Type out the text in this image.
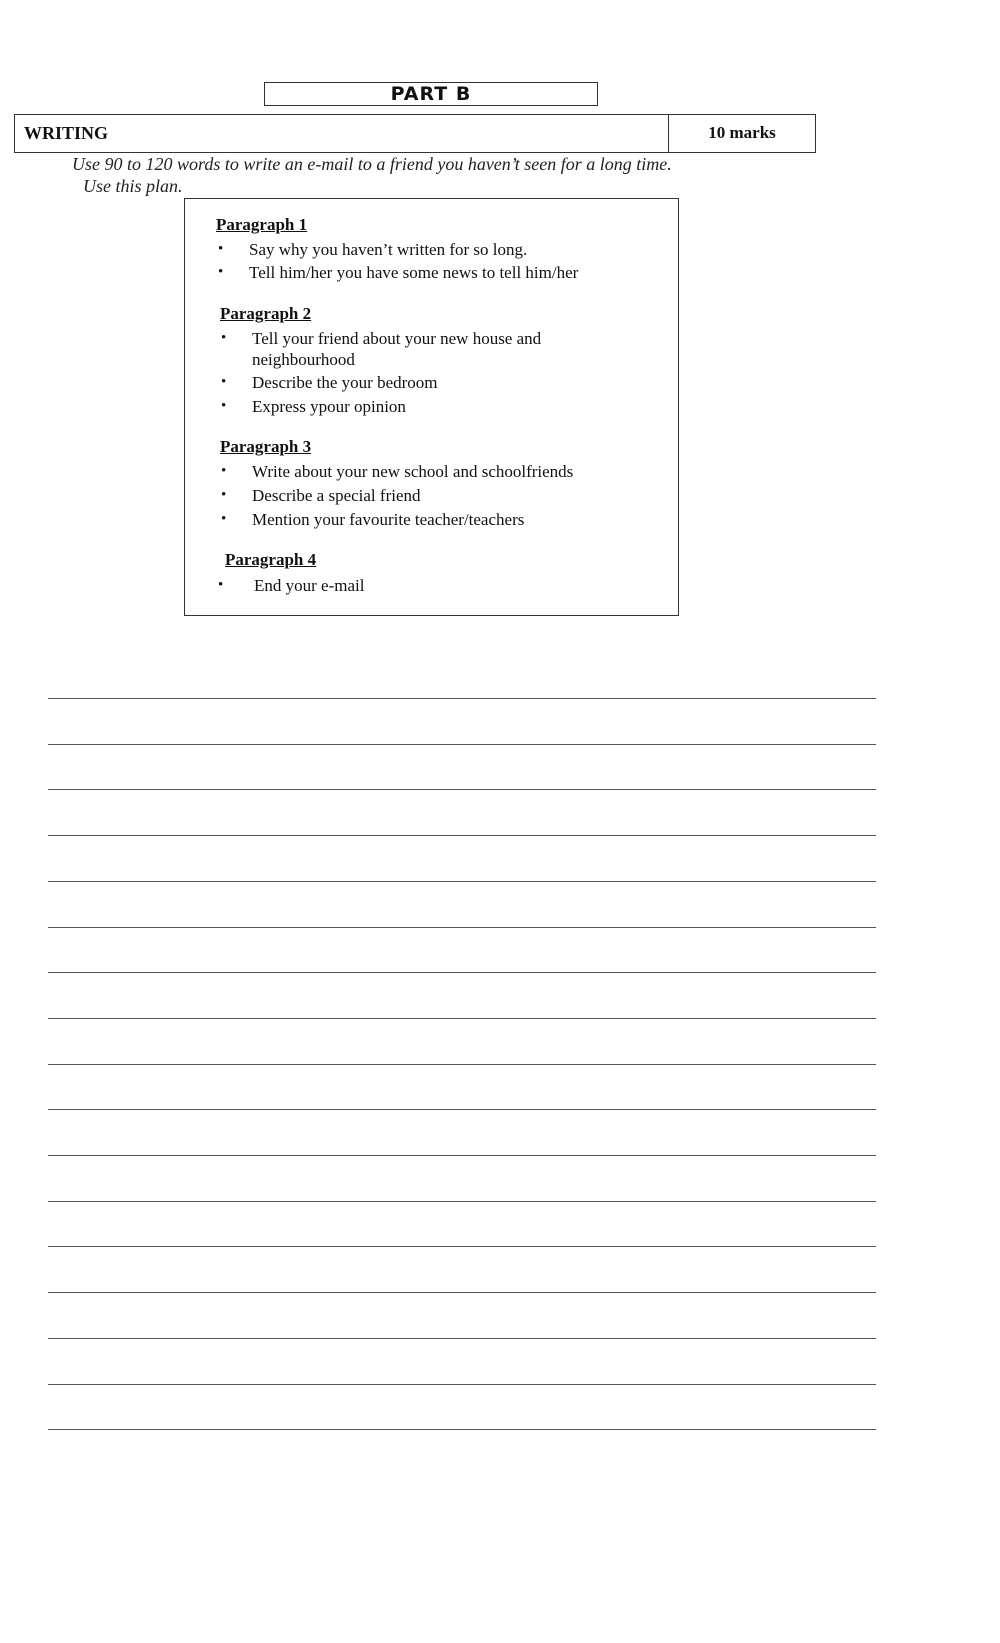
PART B
WRITING	10 marks
Use 90 to 120 words to write an e-mail to a friend you haven’t seen for a long time.
Use this plan.
Paragraph 1
• Say why you haven’t written for so long.
• Tell him/her you have some news to tell him/her
Paragraph 2
• Tell your friend about your new house and
neighbourhood
• Describe the your bedroom
• Express ypour opinion
Paragraph 3
• Write about your new school and schoolfriends
• Describe a special friend
• Mention your favourite teacher/teachers
Paragraph 4
• End your e-mail
